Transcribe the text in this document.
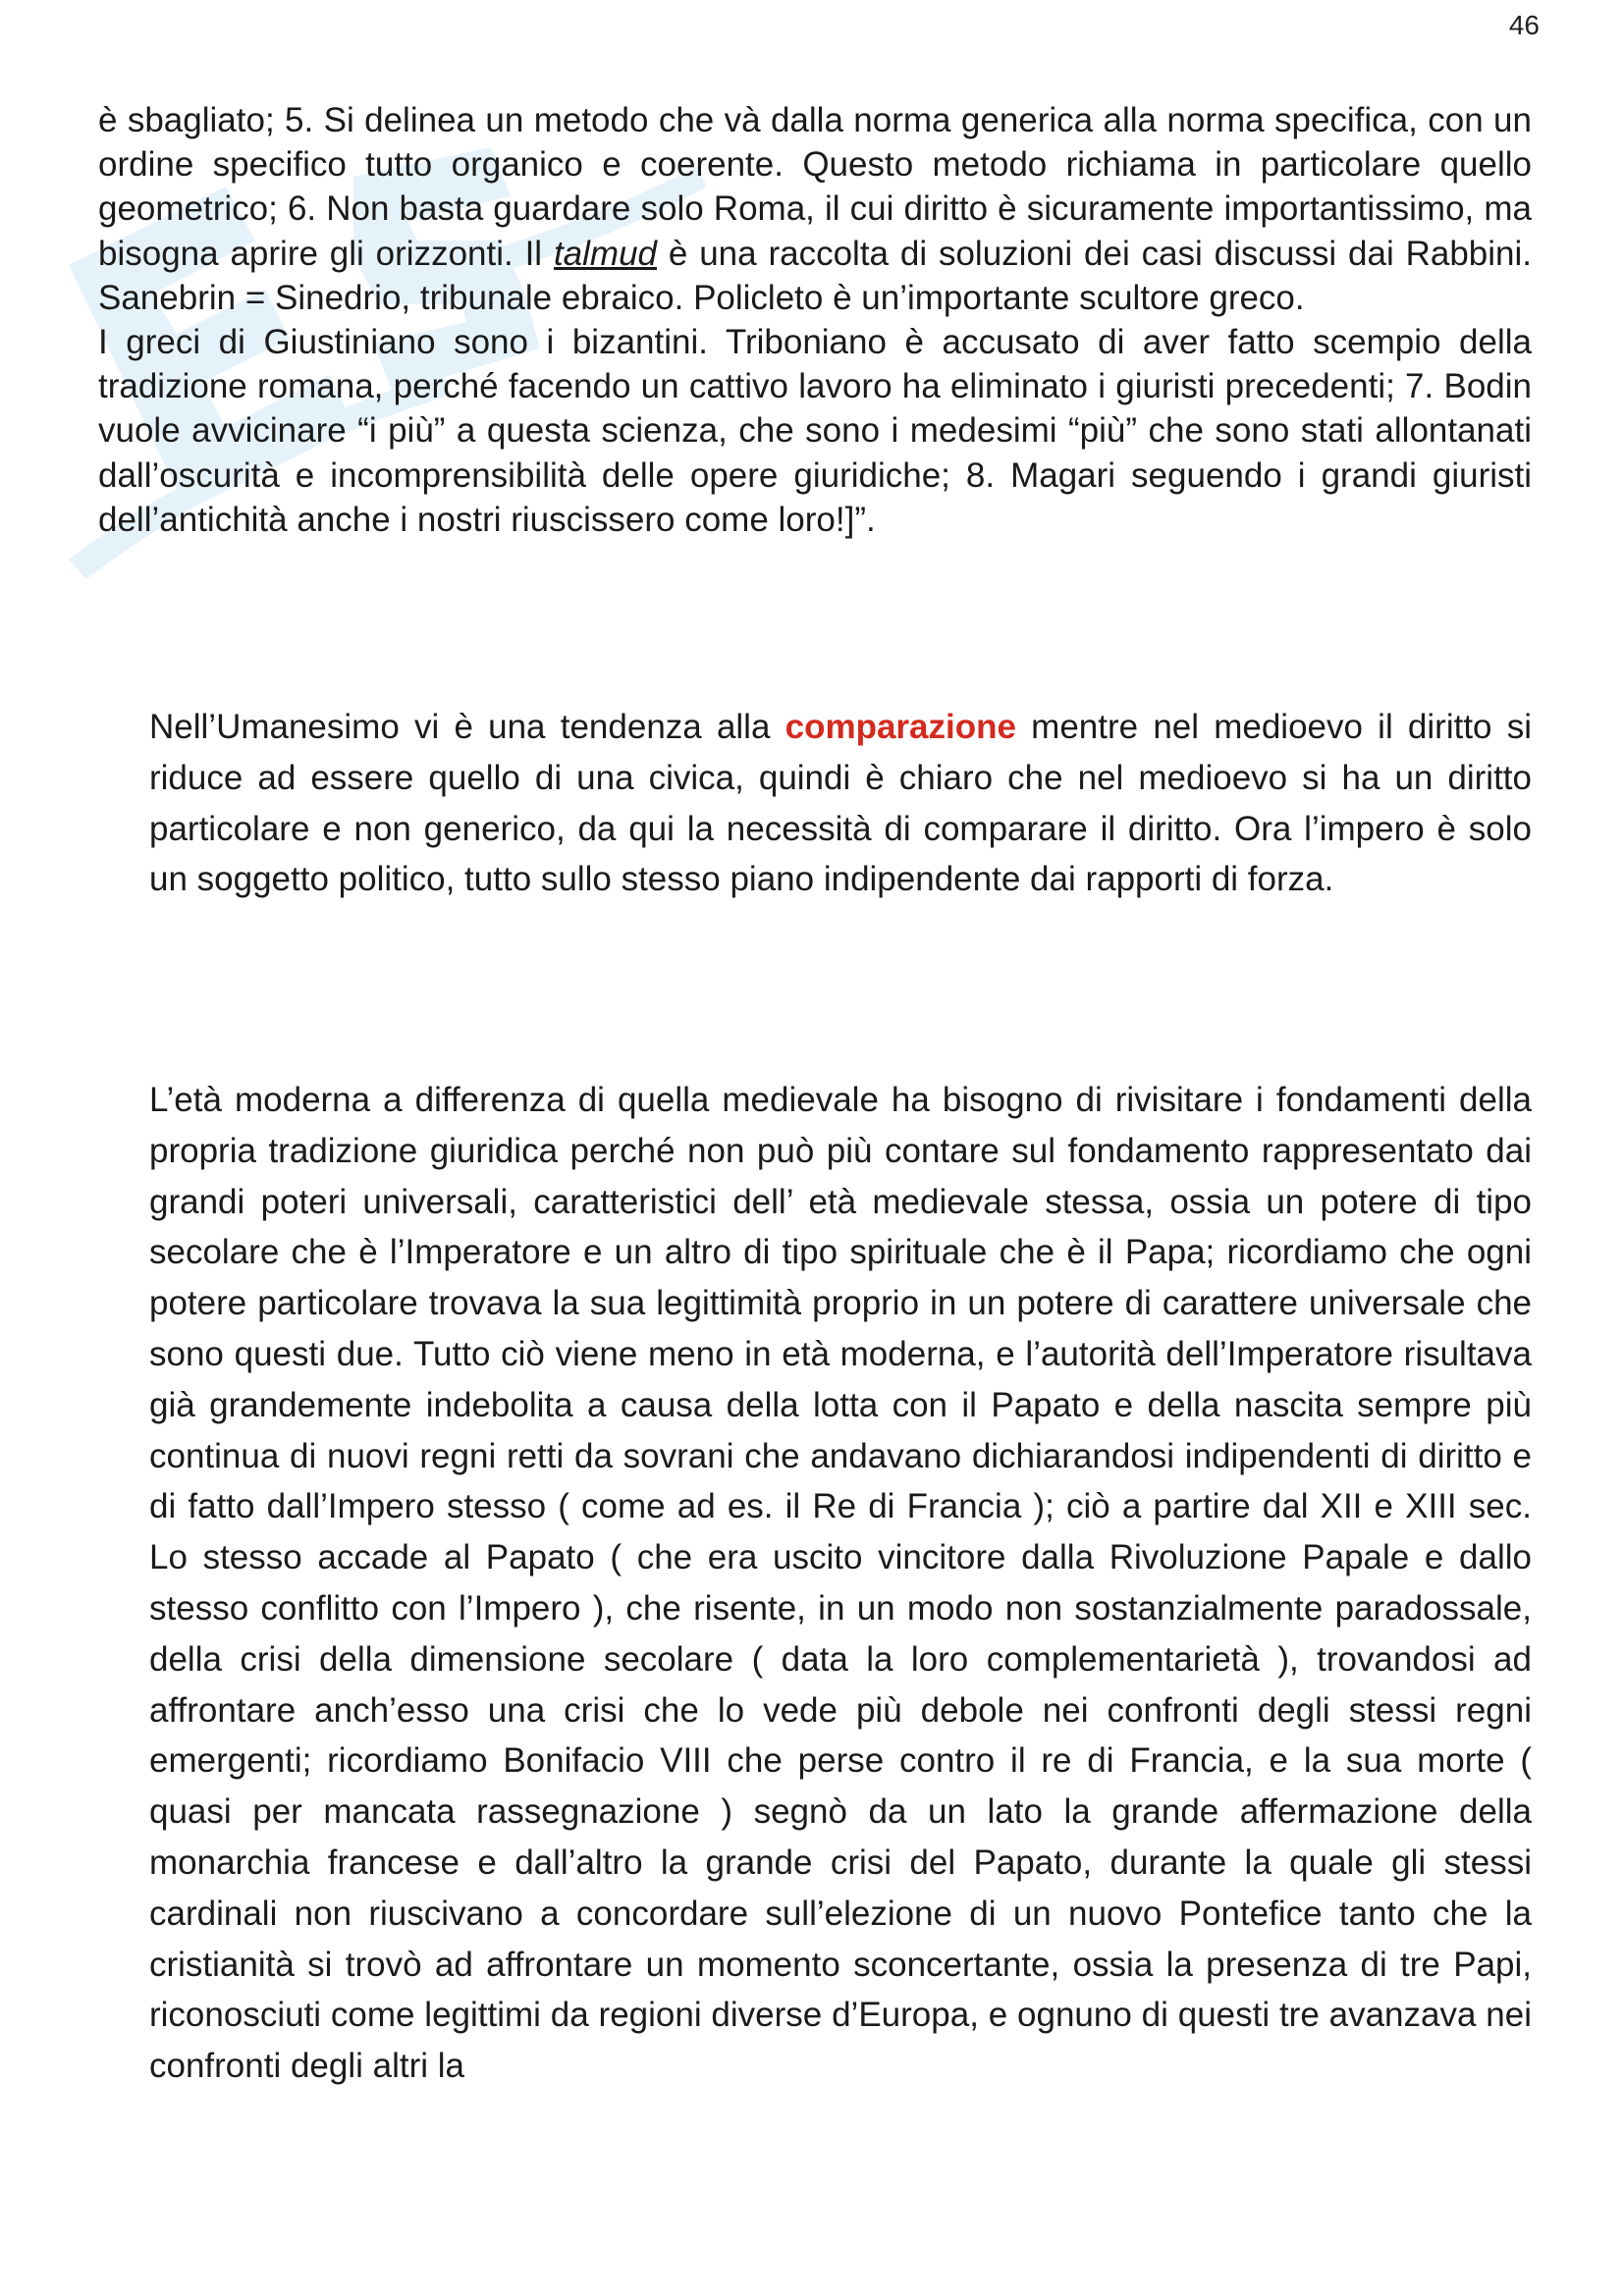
46

è sbagliato; 5. Si delinea un metodo che và dalla norma generica alla norma specifica, con un ordine specifico tutto organico e coerente. Questo metodo richiama in particolare quello geometrico; 6. Non basta guardare solo Roma, il cui diritto è sicuramente importantissimo, ma bisogna aprire gli orizzonti. Il talmud è una raccolta di soluzioni dei casi discussi dai Rabbini. Sanebrin = Sinedrio, tribunale ebraico. Policleto è un’importante scultore greco.

I greci di Giustiniano sono i bizantini. Triboniano è accusato di aver fatto scempio della tradizione romana, perché facendo un cattivo lavoro ha eliminato i giuristi precedenti; 7. Bodin vuole avvicinare “i più” a questa scienza, che sono i medesimi “più” che sono stati allontanati dall’oscurità e incomprensibilità delle opere giuridiche; 8. Magari seguendo i grandi giuristi dell’antichità anche i nostri riuscissero come loro!]”.

Nell’Umanesimo vi è una tendenza alla comparazione mentre nel medioevo il diritto si riduce ad essere quello di una civica, quindi è chiaro che nel medioevo si ha un diritto particolare e non generico, da qui la necessità di comparare il diritto. Ora l’impero è solo un soggetto politico, tutto sullo stesso piano indipendente dai rapporti di forza.

L’età moderna a differenza di quella medievale ha bisogno di rivisitare i fondamenti della propria tradizione giuridica perché non può più contare sul fondamento rappresentato dai grandi poteri universali, caratteristici dell’ età medievale stessa, ossia un potere di tipo secolare che è l’Imperatore e un altro di tipo spirituale che è il Papa; ricordiamo che ogni potere particolare trovava la sua legittimità proprio in un potere di carattere universale che sono questi due. Tutto ciò viene meno in età moderna, e l’autorità dell’Imperatore risultava già grandemente indebolita a causa della lotta con il Papato e della nascita sempre più continua di nuovi regni retti da sovrani che andavano dichiarandosi indipendenti di diritto e di fatto dall’Impero stesso ( come ad es. il Re di Francia ); ciò a partire dal XII e XIII sec. Lo stesso accade al Papato ( che era uscito vincitore dalla Rivoluzione Papale e dallo stesso conflitto con l’Impero ), che risente, in un modo non sostanzialmente paradossale, della crisi della dimensione secolare ( data la loro complementarietà ), trovandosi ad affrontare anch’esso una crisi che lo vede più debole nei confronti degli stessi regni emergenti; ricordiamo Bonifacio VIII che perse contro il re di Francia, e la sua morte ( quasi per mancata rassegnazione ) segnò da un lato la grande affermazione della monarchia francese e dall’altro la grande crisi del Papato, durante la quale gli stessi cardinali non riuscivano a concordare sull’elezione di un nuovo Pontefice tanto che la cristianità si trovò ad affrontare un momento sconcertante, ossia la presenza di tre Papi, riconosciuti come legittimi da regioni diverse d’Europa, e ognuno di questi tre avanzava nei confronti degli altri la
